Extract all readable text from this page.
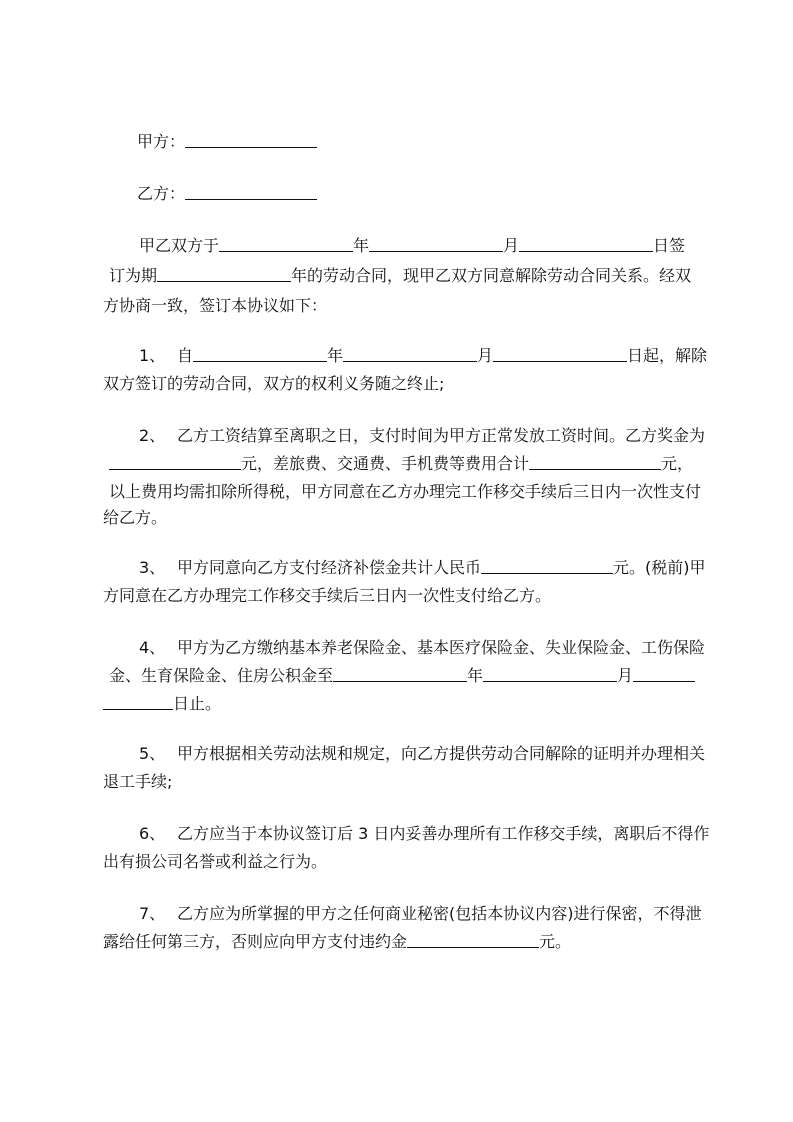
甲方：
乙方：
甲乙双方于	年	月	日签
订为期	年的劳动合同，现甲乙双方同意解除劳动合同关系。经双
方协商一致，签订本协议如下：
1、 自	年	月	日起，解除
双方签订的劳动合同，双方的权利义务随之终止;
2、 乙方工资结算至离职之日，支付时间为甲方正常发放工资时间。乙方奖金为
元，差旅费、交通费、手机费等费用合计	元，
以上费用均需扣除所得税，甲方同意在乙方办理完工作移交手续后三日内一次性支付
给乙方。
3、 甲方同意向乙方支付经济补偿金共计人民币	元。(税前)甲
方同意在乙方办理完工作移交手续后三日内一次性支付给乙方。
4、 甲方为乙方缴纳基本养老保险金、基本医疗保险金、失业保险金、工伤保险
金、生育保险金、住房公积金至	年	月
日止。
5、 甲方根据相关劳动法规和规定，向乙方提供劳动合同解除的证明并办理相关
退工手续;
6、 乙方应当于本协议签订后 3 日内妥善办理所有工作移交手续，离职后不得作
出有损公司名誉或利益之行为。
7、 乙方应为所掌握的甲方之任何商业秘密(包括本协议内容)进行保密，不得泄
露给任何第三方，否则应向甲方支付违约金	元。
